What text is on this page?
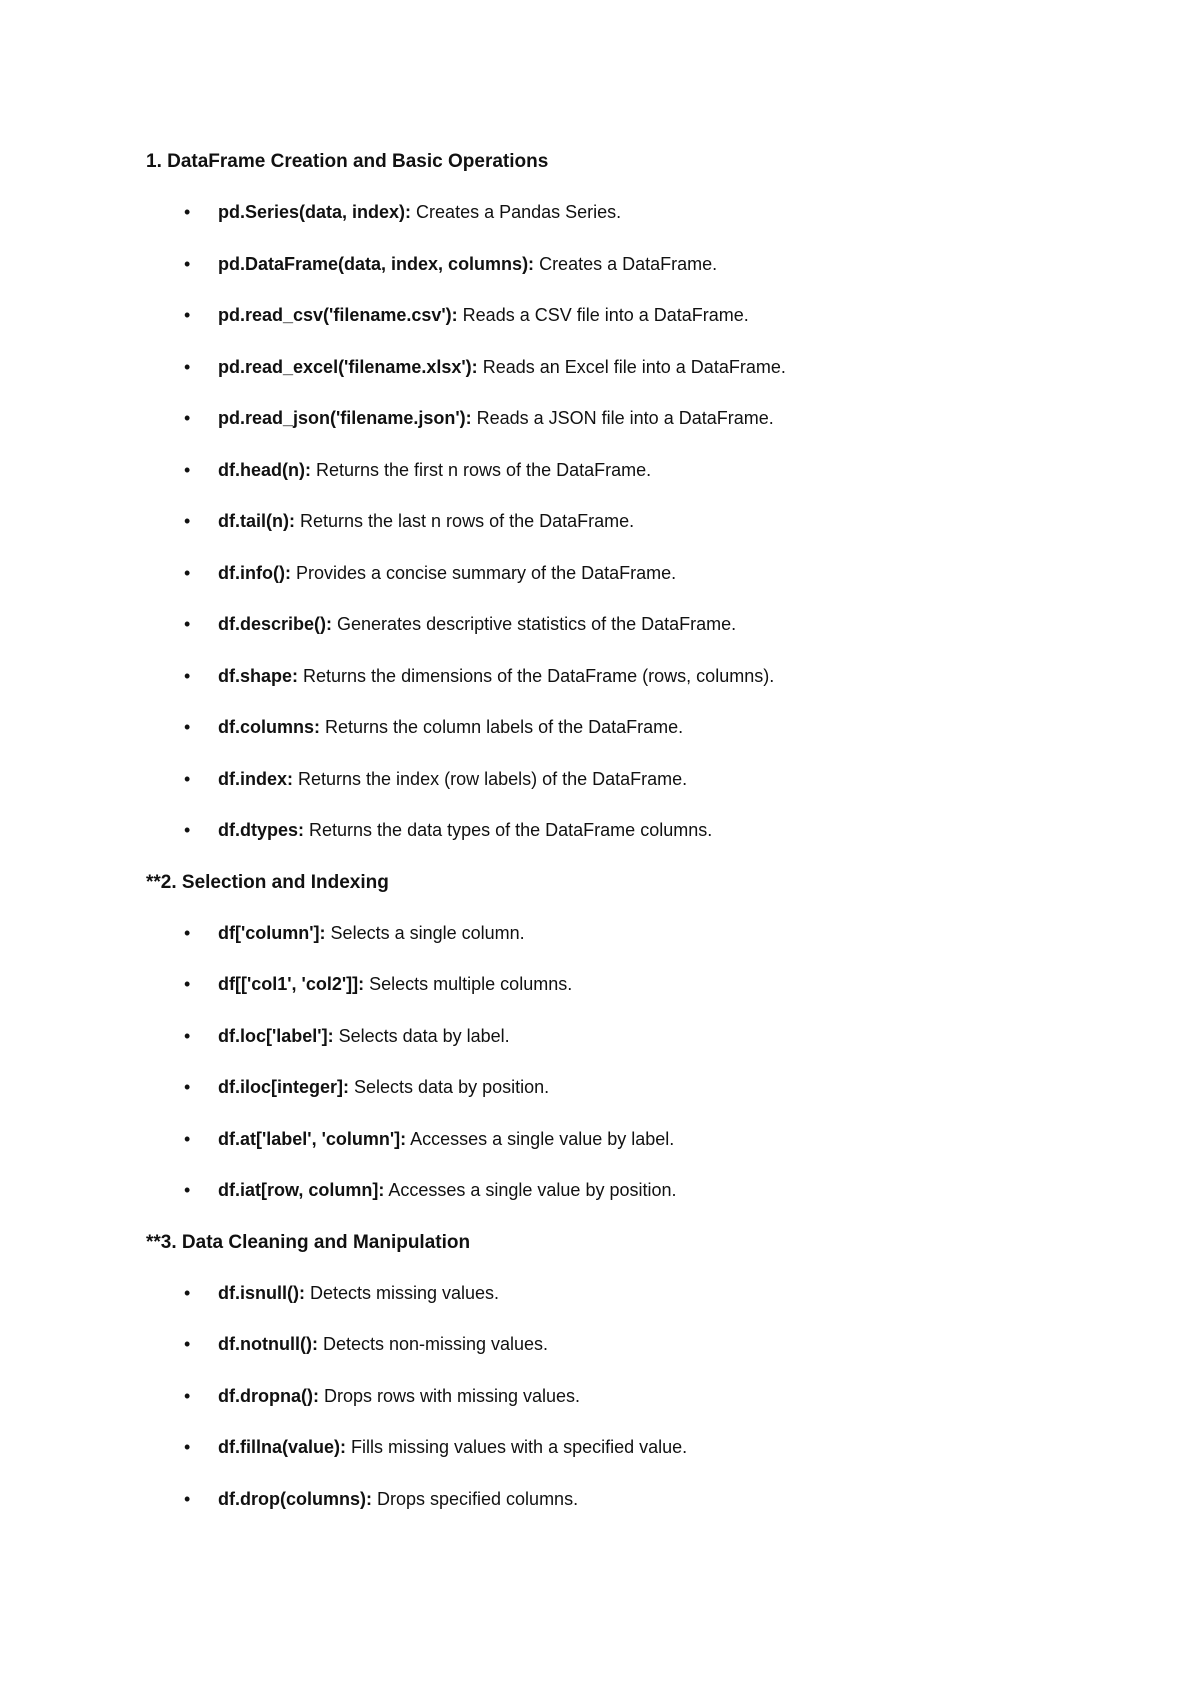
1. DataFrame Creation and Basic Operations
• pd.Series(data, index): Creates a Pandas Series.
• pd.DataFrame(data, index, columns): Creates a DataFrame.
• pd.read_csv('filename.csv'): Reads a CSV file into a DataFrame.
• pd.read_excel('filename.xlsx'): Reads an Excel file into a DataFrame.
• pd.read_json('filename.json'): Reads a JSON file into a DataFrame.
• df.head(n): Returns the first n rows of the DataFrame.
• df.tail(n): Returns the last n rows of the DataFrame.
• df.info(): Provides a concise summary of the DataFrame.
• df.describe(): Generates descriptive statistics of the DataFrame.
• df.shape: Returns the dimensions of the DataFrame (rows, columns).
• df.columns: Returns the column labels of the DataFrame.
• df.index: Returns the index (row labels) of the DataFrame.
• df.dtypes: Returns the data types of the DataFrame columns.
**2. Selection and Indexing
• df['column']: Selects a single column.
• df[['col1', 'col2']]: Selects multiple columns.
• df.loc['label']: Selects data by label.
• df.iloc[integer]: Selects data by position.
• df.at['label', 'column']: Accesses a single value by label.
• df.iat[row, column]: Accesses a single value by position.
**3. Data Cleaning and Manipulation
• df.isnull(): Detects missing values.
• df.notnull(): Detects non-missing values.
• df.dropna(): Drops rows with missing values.
• df.fillna(value): Fills missing values with a specified value.
• df.drop(columns): Drops specified columns.
